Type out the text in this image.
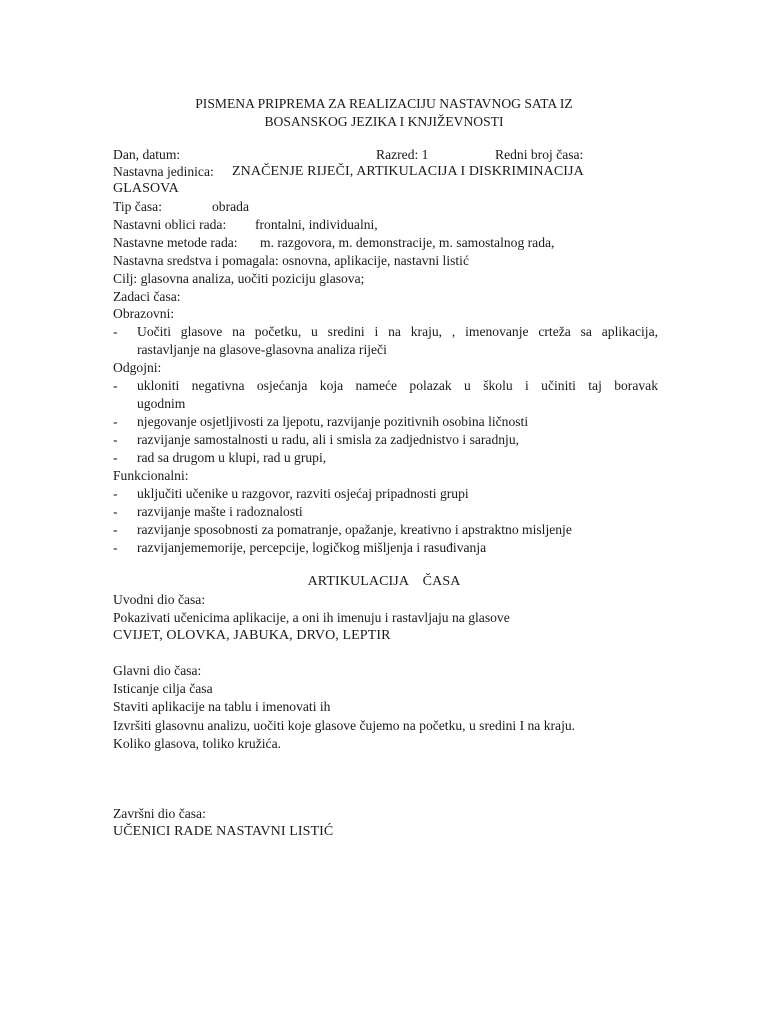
PISMENA PRIPREMA ZA REALIZACIJU NASTAVNOG SATA IZ
BOSANSKOG JEZIKA I KNJIŽEVNOSTI
Dan, datum:	Razred: 1	Redni broj časa:
Nastavna jedinica: ZNAČENJE RIJEČI, ARTIKULACIJA I DISKRIMINACIJA
GLASOVA
Tip časa:	obrada
Nastavni oblici rada: frontalni, individualni,
Nastavne metode rada: m. razgovora, m. demonstracije, m. samostalnog rada,
Nastavna sredstva i pomagala: osnovna, aplikacije, nastavni listić
Cilj: glasovna analiza, uočiti poziciju glasova;
Zadaci časa:
Obrazovni:
- Uočiti glasove na početku, u sredini i na kraju, , imenovanje crteža sa aplikacija,
rastavljanje na glasove-glasovna analiza riječi
Odgojni:
- ukloniti negativna osjećanja koja nameće polazak u školu i učiniti taj boravak
ugodnim
- njegovanje osjetljivosti za ljepotu, razvijanje pozitivnih osobina ličnosti
- razvijanje samostalnosti u radu, ali i smisla za zadjednistvo i saradnju,
- rad sa drugom u klupi, rad u grupi,
Funkcionalni:
- uključiti učenike u razgovor, razviti osjećaj pripadnosti grupi
- razvijanje mašte i radoznalosti
- razvijanje sposobnosti za pomatranje, opažanje, kreativno i apstraktno misljenje
- razvijanjememorije, percepcije, logičkog mišljenja i rasuđivanja
ARTIKULACIJA    ČASA
Uvodni dio časa:
Pokazivati učenicima aplikacije, a oni ih imenuju i rastavljaju na glasove
CVIJET, OLOVKA, JABUKA, DRVO, LEPTIR
Glavni dio časa:
Isticanje cilja časa
Staviti aplikacije na tablu i imenovati ih
Izvršiti glasovnu analizu, uočiti koje glasove čujemo na početku, u sredini I na kraju.
Koliko glasova, toliko kružića.
Završni dio časa:
UČENICI RADE NASTAVNI LISTIĆ
